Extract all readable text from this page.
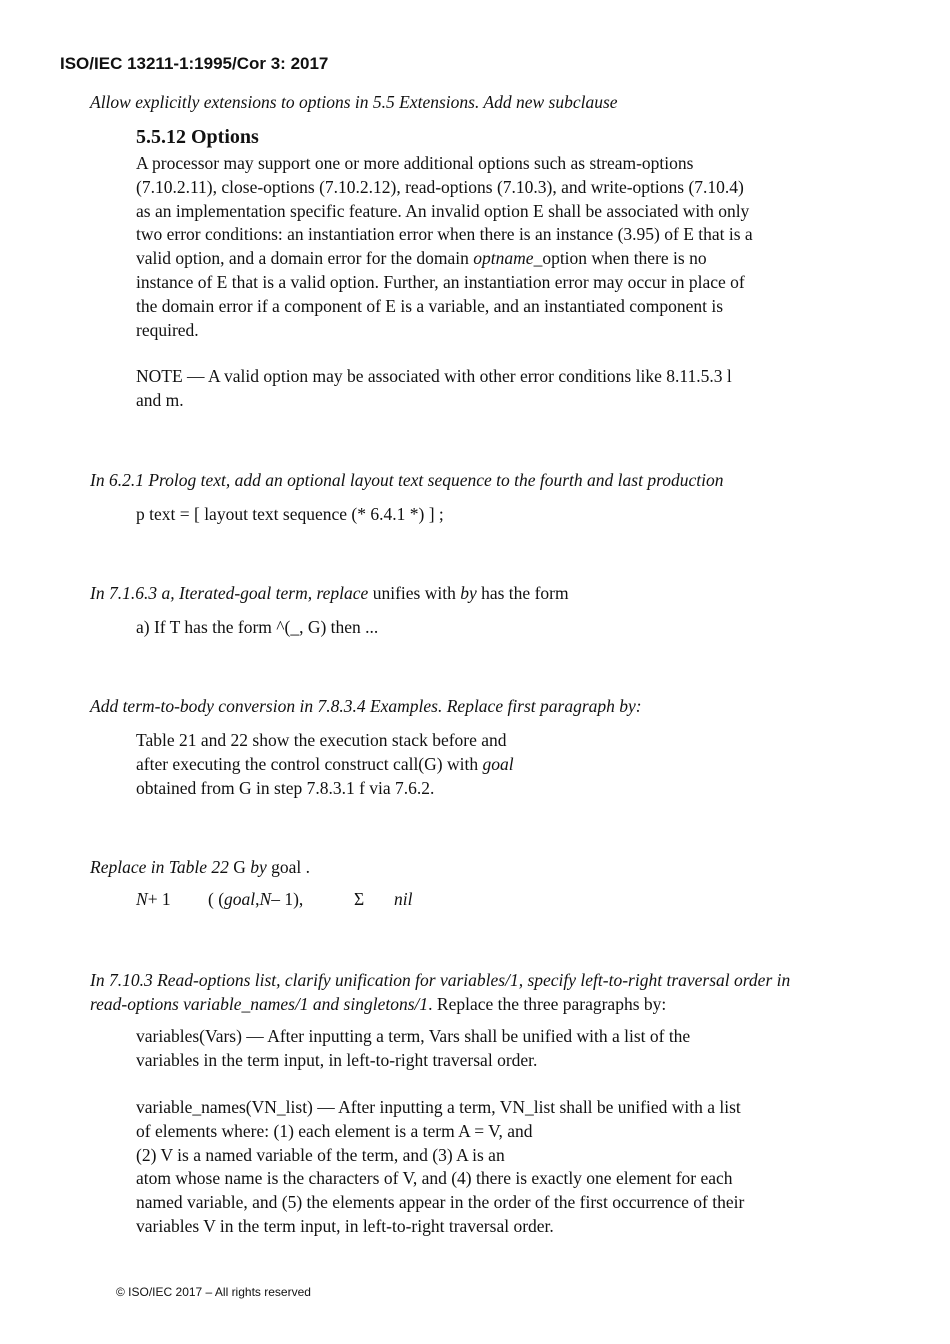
ISO/IEC 13211-1:1995/Cor 3: 2017
Allow explicitly extensions to options in 5.5 Extensions. Add new subclause
5.5.12 Options
A processor may support one or more additional options such as stream-options
(7.10.2.11), close-options (7.10.2.12), read-options (7.10.3), and write-options (7.10.4)
as an implementation specific feature. An invalid option E shall be associated with only
two error conditions: an instantiation error when there is an instance (3.95) of E that is a
valid option, and a domain error for the domain optname_option when there is no
instance of E that is a valid option. Further, an instantiation error may occur in place of
the domain error if a component of E is a variable, and an instantiated component is
required.
NOTE — A valid option may be associated with other error conditions like 8.11.5.3 l
and m.
In 6.2.1 Prolog text, add an optional layout text sequence to the fourth and last production
p text = [ layout text sequence (* 6.4.1 *) ] ;
In 7.1.6.3 a, Iterated-goal term, replace unifies with by has the form
a) If T has the form ^(_, G) then ...
Add term-to-body conversion in 7.8.3.4 Examples. Replace first paragraph by:
Table 21 and 22 show the execution stack before and
after executing the control construct call(G) with goal
obtained from G in step 7.8.3.1 f via 7.6.2.
Replace in Table 22 G by goal .
N+ 1 ( (goal,N– 1),	Σ nil
In 7.10.3 Read-options list, clarify unification for variables/1, specify left-to-right traversal order in
read-options variable_names/1 and singletons/1. Replace the three paragraphs by:
variables(Vars) — After inputting a term, Vars shall be unified with a list of the
variables in the term input, in left-to-right traversal order.
variable_names(VN_list) — After inputting a term, VN_list shall be unified with a list
of elements where: (1) each element is a term A = V, and
(2) V is a named variable of the term, and (3) A is an
atom whose name is the characters of V, and (4) there is exactly one element for each
named variable, and (5) the elements appear in the order of the first occurrence of their
variables V in the term input, in left-to-right traversal order.
© ISO/IEC 2017 – All rights reserved
